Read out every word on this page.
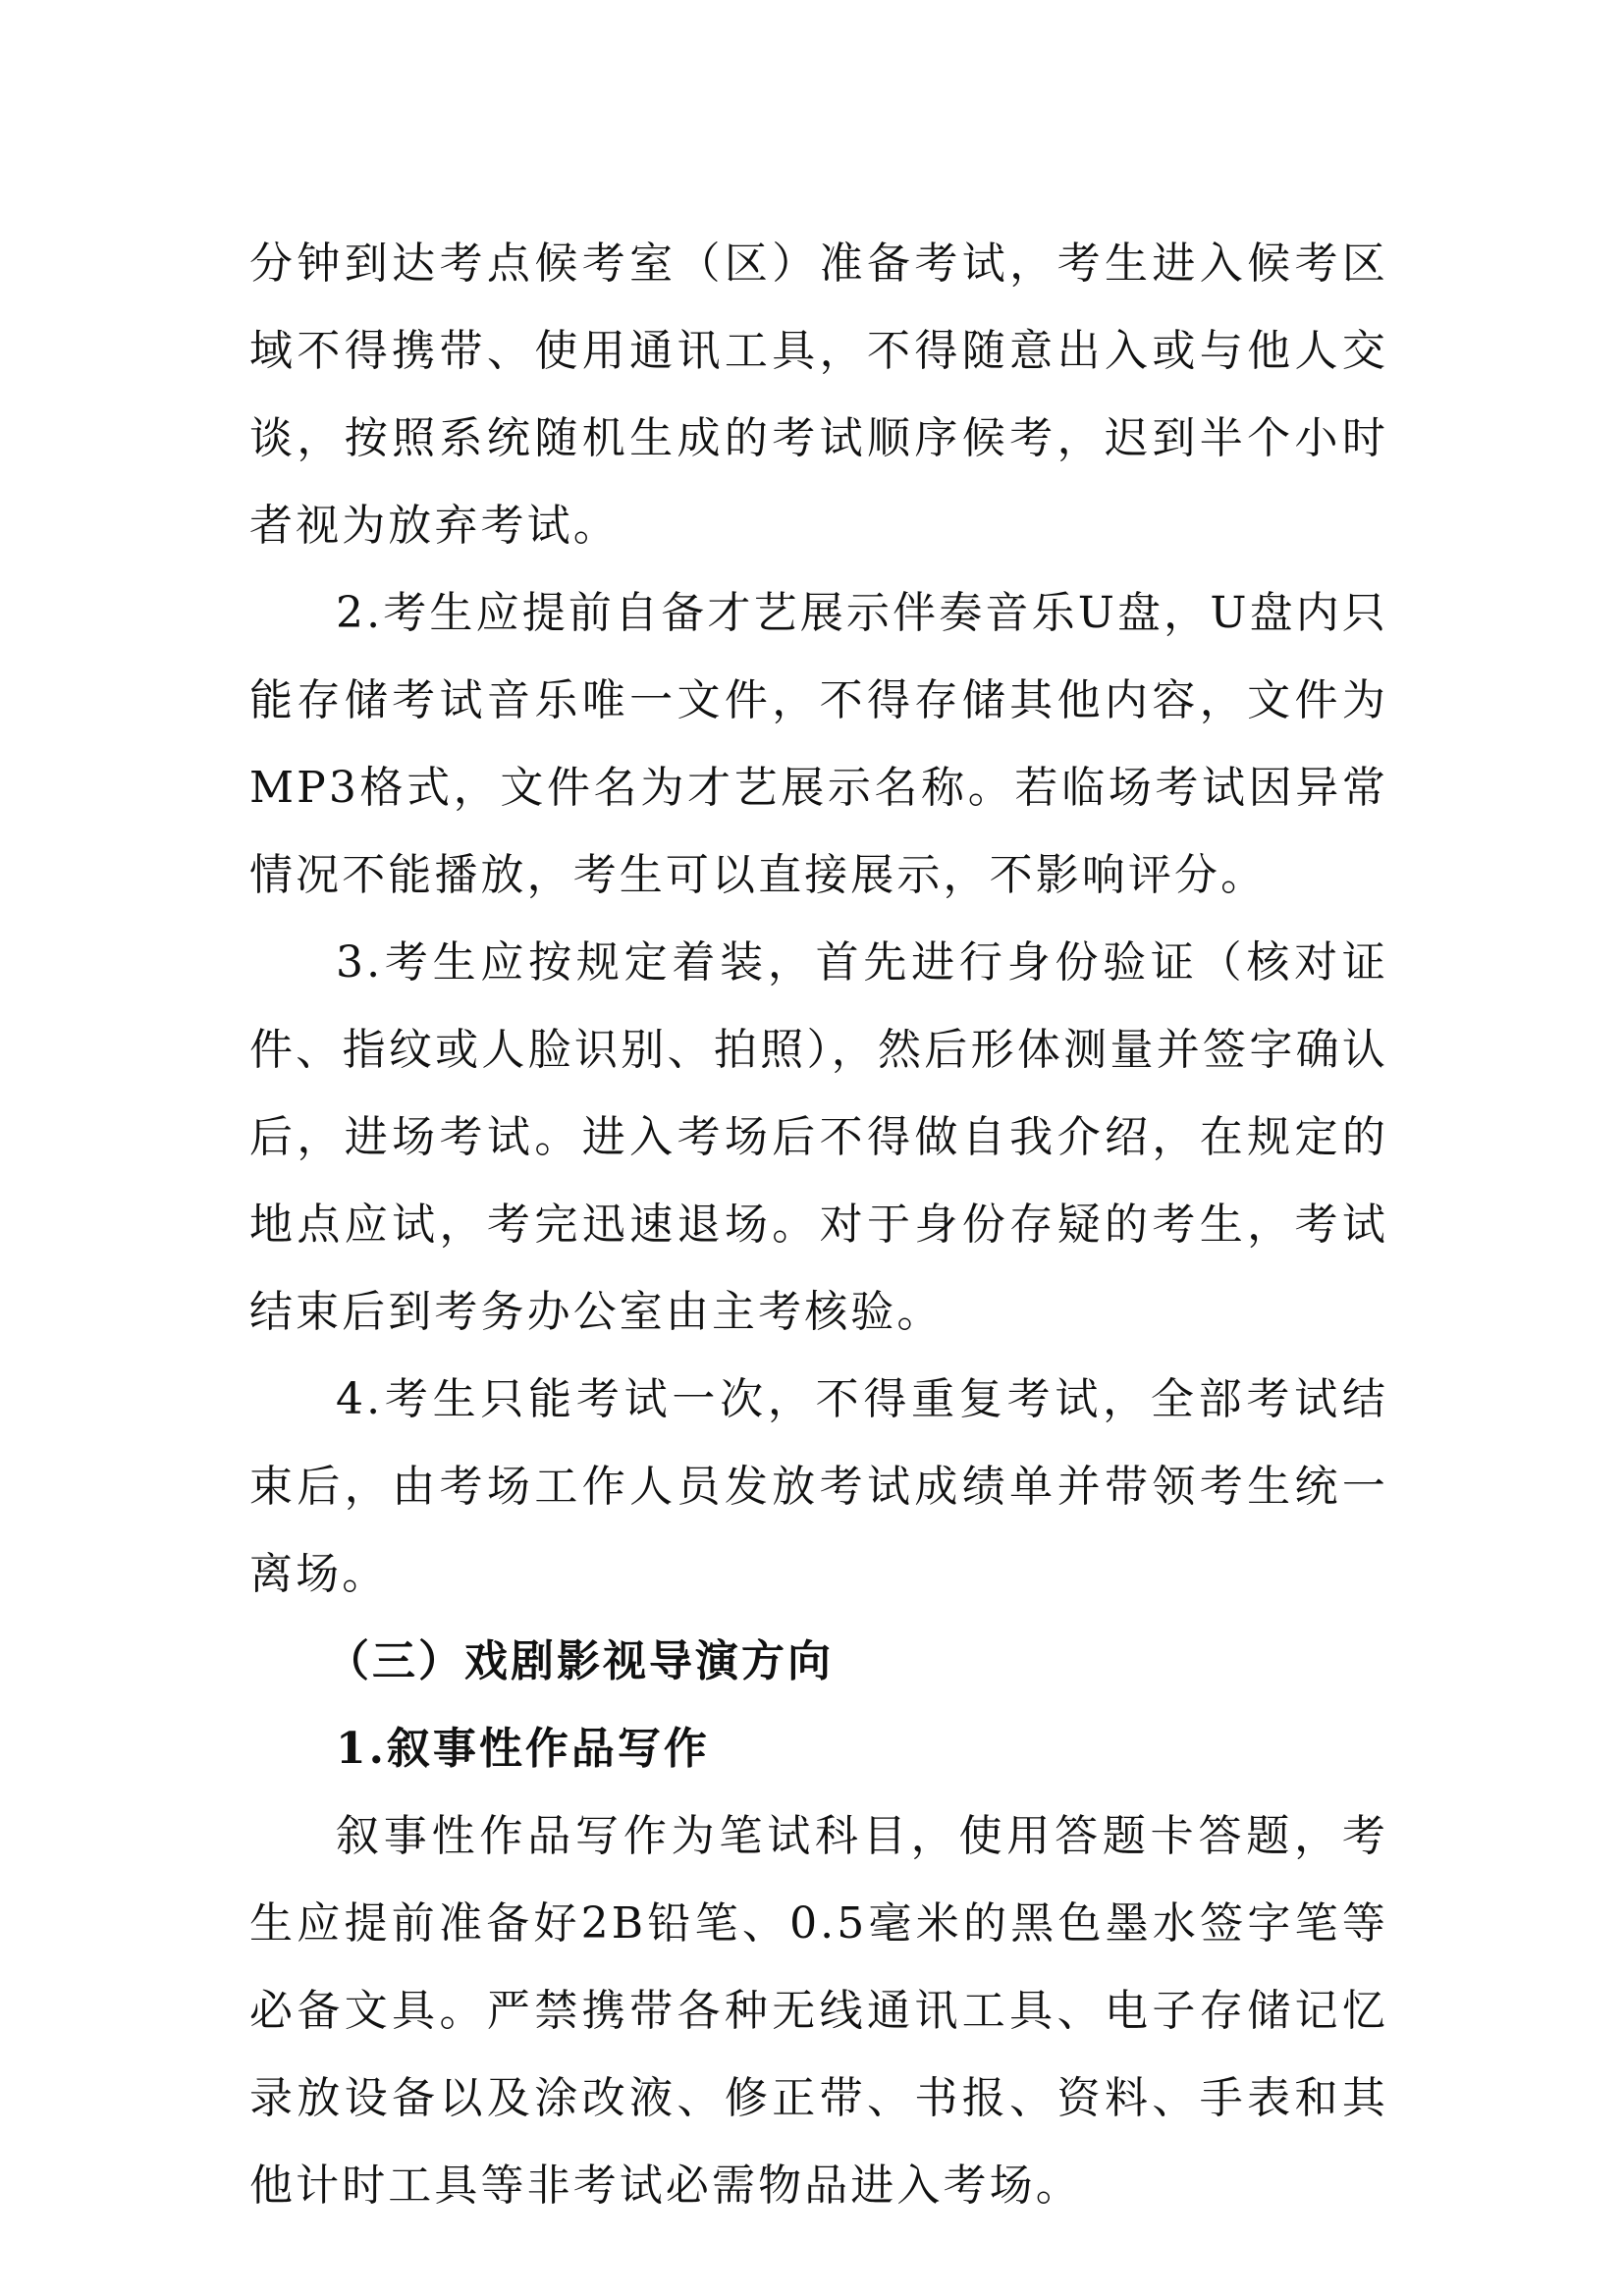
分钟到达考点候考室（区）准备考试，考生进入候考区域不得携带、使用通讯工具，不得随意出入或与他人交谈，按照系统随机生成的考试顺序候考，迟到半个小时者视为放弃考试。

2.考生应提前自备才艺展示伴奏音乐U盘，U盘内只能存储考试音乐唯一文件，不得存储其他内容，文件为MP3格式，文件名为才艺展示名称。若临场考试因异常情况不能播放，考生可以直接展示，不影响评分。

3.考生应按规定着装，首先进行身份验证（核对证件、指纹或人脸识别、拍照），然后形体测量并签字确认后，进场考试。进入考场后不得做自我介绍，在规定的地点应试，考完迅速退场。对于身份存疑的考生，考试结束后到考务办公室由主考核验。

4.考生只能考试一次，不得重复考试，全部考试结束后，由考场工作人员发放考试成绩单并带领考生统一离场。

（三）戏剧影视导演方向
1.叙事性作品写作

叙事性作品写作为笔试科目，使用答题卡答题，考生应提前准备好2B铅笔、0.5毫米的黑色墨水签字笔等必备文具。严禁携带各种无线通讯工具、电子存储记忆录放设备以及涂改液、修正带、书报、资料、手表和其他计时工具等非考试必需物品进入考场。
